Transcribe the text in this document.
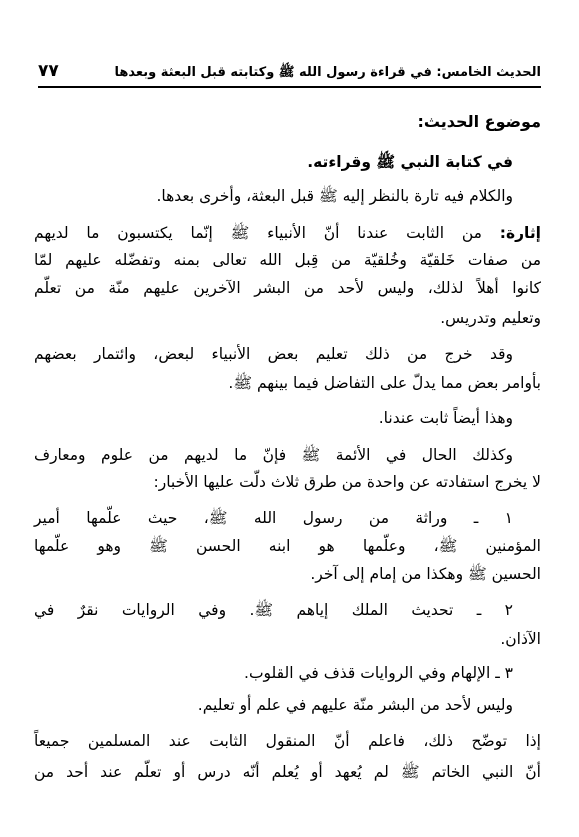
الحديث الخامس: في قراءة رسول الله ﷺ وكتابته قبل البعثة وبعدها
٧٧
موضوع الحديث:
في كتابة النبي ﷺ وقراءته.
والكلام فيه تارة بالنظر إليه ﷺ قبل البعثة، وأخرى بعدها.
إثارة: من الثابت عندنا أنّ الأنبياء ﷺ إنّما يكتسبون ما لديهم
من صفات خَلقيّة وخُلقيّة من قِبل الله تعالى بمنه وتفضّله عليهم لمّا
كانوا أهلاً لذلك، وليس لأحد من البشر الآخرين عليهم منّة من تعلّم
وتعليم وتدريس.
وقد خرج من ذلك تعليم بعض الأنبياء لبعض، وائتمار بعضهم
بأوامر بعض مما يدلّ على التفاضل فيما بينهم ﷺ.
وهذا أيضاً ثابت عندنا.
وكذلك الحال في الأئمة ﷺ فإنّ ما لديهم من علوم ومعارف
لا يخرج استفادته عن واحدة من طرق ثلاث دلّت عليها الأخبار:
١ ـ وراثة من رسول الله ﷺ، حيث علّمها أمير
المؤمنين ﷺ، وعلّمها هو ابنه الحسن ﷺ وهو علّمها
الحسين ﷺ وهكذا من إمام إلى آخر.
٢ ـ تحديث الملك إياهم ﷺ. وفي الروايات نقرٌ في
الآذان.
٣ ـ الإلهام وفي الروايات قذف في القلوب.
وليس لأحد من البشر منّة عليهم في علم أو تعليم.
إذا توضّح ذلك، فاعلم أنّ المنقول الثابت عند المسلمين جميعاً
أنّ النبي الخاتم ﷺ لم يُعهد أو يُعلم أنّه درس أو تعلّم عند أحد من
